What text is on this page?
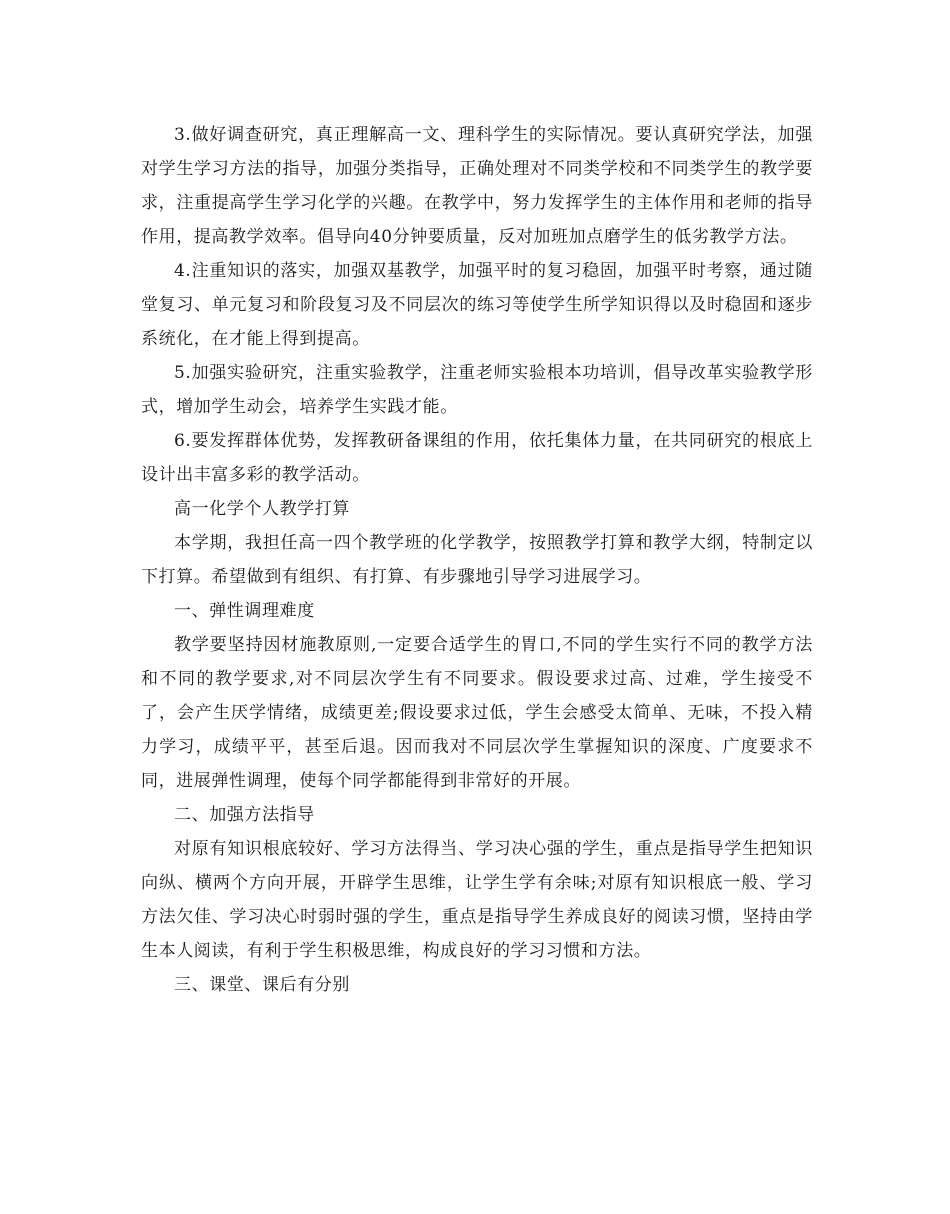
3.做好调查研究，真正理解高一文、理科学生的实际情况。要认真研究学法，加强对学生学习方法的指导，加强分类指导，正确处理对不同类学校和不同类学生的教学要求，注重提高学生学习化学的兴趣。在教学中，努力发挥学生的主体作用和老师的指导作用，提高教学效率。倡导向40分钟要质量，反对加班加点磨学生的低劣教学方法。

4.注重知识的落实，加强双基教学，加强平时的复习稳固，加强平时考察，通过随堂复习、单元复习和阶段复习及不同层次的练习等使学生所学知识得以及时稳固和逐步系统化，在才能上得到提高。

5.加强实验研究，注重实验教学，注重老师实验根本功培训，倡导改革实验教学形式，增加学生动会，培养学生实践才能。

6.要发挥群体优势，发挥教研备课组的作用，依托集体力量，在共同研究的根底上设计出丰富多彩的教学活动。

高一化学个人教学打算

本学期，我担任高一四个教学班的化学教学，按照教学打算和教学大纲，特制定以下打算。希望做到有组织、有打算、有步骤地引导学习进展学习。

一、弹性调理难度

教学要坚持因材施教原则,一定要合适学生的胃口,不同的学生实行不同的教学方法和不同的教学要求,对不同层次学生有不同要求。假设要求过高、过难，学生接受不了，会产生厌学情绪，成绩更差;假设要求过低，学生会感受太简单、无味，不投入精力学习，成绩平平，甚至后退。因而我对不同层次学生掌握知识的深度、广度要求不同，进展弹性调理，使每个同学都能得到非常好的开展。

二、加强方法指导

对原有知识根底较好、学习方法得当、学习决心强的学生，重点是指导学生把知识向纵、横两个方向开展，开辟学生思维，让学生学有余味;对原有知识根底一般、学习方法欠佳、学习决心时弱时强的学生，重点是指导学生养成良好的阅读习惯，坚持由学生本人阅读，有利于学生积极思维，构成良好的学习习惯和方法。

三、课堂、课后有分别
